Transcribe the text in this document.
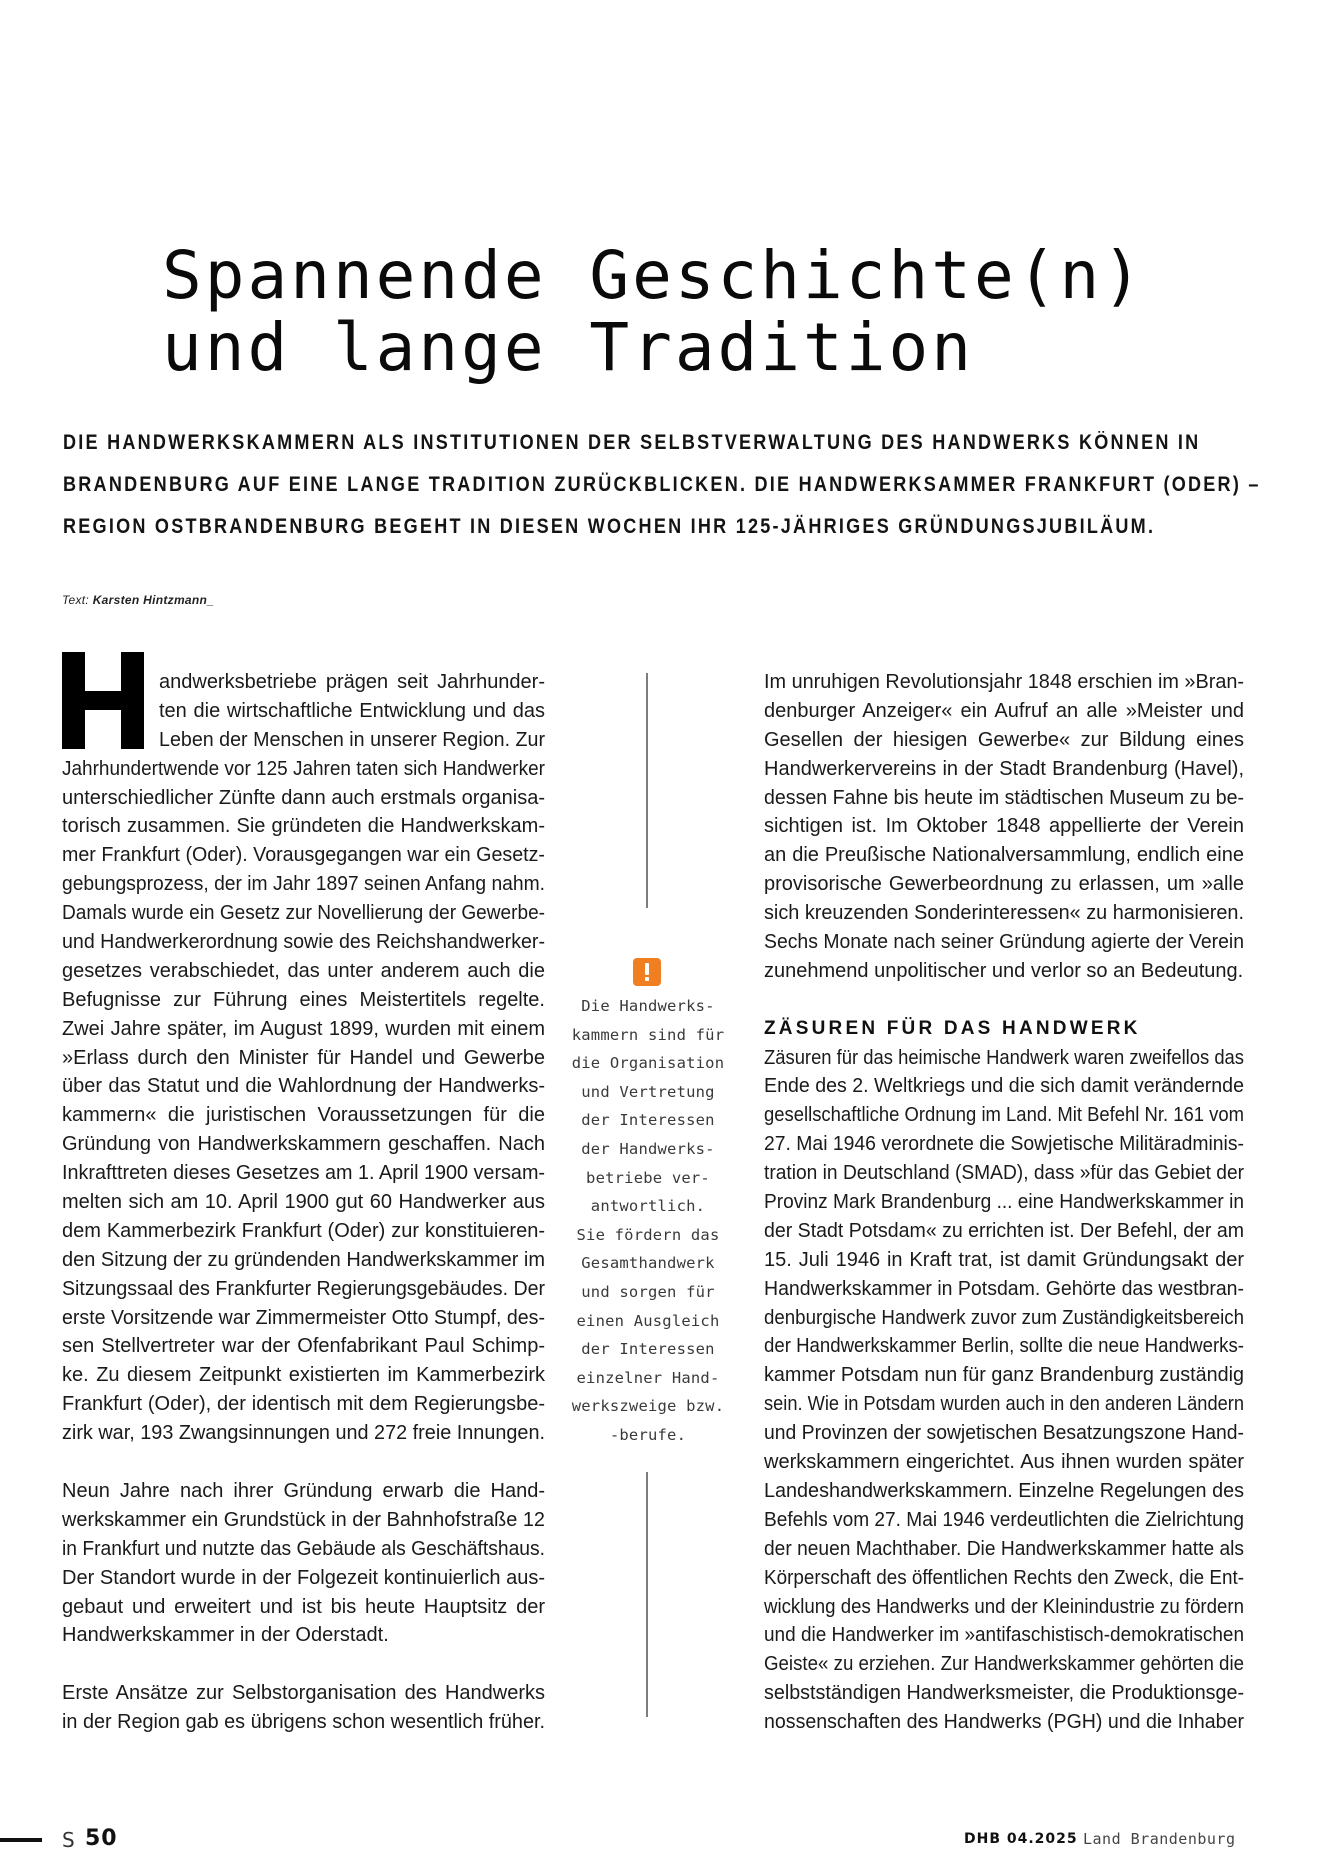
Spannende Geschichte(n)
und lange Tradition

DIE HANDWERKSKAMMERN ALS INSTITUTIONEN DER SELBSTVERWALTUNG DES HANDWERKS KÖNNEN IN
BRANDENBURG AUF EINE LANGE TRADITION ZURÜCKBLICKEN. DIE HANDWERKSAMMER FRANKFURT (ODER) –
REGION OSTBRANDENBURG BEGEHT IN DIESEN WOCHEN IHR 125-JÄHRIGES GRÜNDUNGSJUBILÄUM.

Text: Karsten Hintzmann_
andwerksbetriebe prägen seit Jahrhunder-
ten die wirtschaftliche Entwicklung und das
Leben der Menschen in unserer Region. Zur
Jahrhundertwende vor 125 Jahren taten sich Handwerker
unterschiedlicher Zünfte dann auch erstmals organisa-
torisch zusammen. Sie gründeten die Handwerkskam-
mer Frankfurt (Oder). Vorausgegangen war ein Gesetz-
gebungsprozess, der im Jahr 1897 seinen Anfang nahm.
Damals wurde ein Gesetz zur Novellierung der Gewerbe-
und Handwerkerordnung sowie des Reichshandwerker-
gesetzes verabschiedet, das unter anderem auch die
Befugnisse zur Führung eines Meistertitels regelte.
Zwei Jahre später, im August 1899, wurden mit einem
»Erlass durch den Minister für Handel und Gewerbe
über das Statut und die Wahlordnung der Handwerks-
kammern« die juristischen Voraussetzungen für die
Gründung von Handwerkskammern geschaffen. Nach
Inkrafttreten dieses Gesetzes am 1. April 1900 versam-
melten sich am 10. April 1900 gut 60 Handwerker aus
dem Kammerbezirk Frankfurt (Oder) zur konstituieren-
den Sitzung der zu gründenden Handwerkskammer im
Sitzungssaal des Frankfurter Regierungsgebäudes. Der
erste Vorsitzende war Zimmermeister Otto Stumpf, des-
sen Stellvertreter war der Ofenfabrikant Paul Schimp-
ke. Zu diesem Zeitpunkt existierten im Kammerbezirk
Frankfurt (Oder), der identisch mit dem Regierungsbe-
zirk war, 193 Zwangsinnungen und 272 freie Innungen.
Neun Jahre nach ihrer Gründung erwarb die Hand-
werkskammer ein Grundstück in der Bahnhofstraße 12
in Frankfurt und nutzte das Gebäude als Geschäftshaus.
Der Standort wurde in der Folgezeit kontinuierlich aus-
gebaut und erweitert und ist bis heute Hauptsitz der
Handwerkskammer in der Oderstadt.
Erste Ansätze zur Selbstorganisation des Handwerks
in der Region gab es übrigens schon wesentlich früher.
Die Handwerks-
kammern sind für
die Organisation
und Vertretung
der Interessen
der Handwerks-
betriebe ver-
antwortlich.
Sie fördern das
Gesamthandwerk
und sorgen für
einen Ausgleich
der Interessen
einzelner Hand-
werkszweige bzw.
-berufe.
Im unruhigen Revolutionsjahr 1848 erschien im »Bran-
denburger Anzeiger« ein Aufruf an alle »Meister und
Gesellen der hiesigen Gewerbe« zur Bildung eines
Handwerkervereins in der Stadt Brandenburg (Havel),
dessen Fahne bis heute im städtischen Museum zu be-
sichtigen ist. Im Oktober 1848 appellierte der Verein
an die Preußische Nationalversammlung, endlich eine
provisorische Gewerbeordnung zu erlassen, um »alle
sich kreuzenden Sonderinteressen« zu harmonisieren.
Sechs Monate nach seiner Gründung agierte der Verein
zunehmend unpolitischer und verlor so an Bedeutung.
ZÄSUREN FÜR DAS HANDWERK
Zäsuren für das heimische Handwerk waren zweifellos das
Ende des 2. Weltkriegs und die sich damit verändernde
gesellschaftliche Ordnung im Land. Mit Befehl Nr. 161 vom
27. Mai 1946 verordnete die Sowjetische Militäradminis-
tration in Deutschland (SMAD), dass »für das Gebiet der
Provinz Mark Brandenburg ... eine Handwerkskammer in
der Stadt Potsdam« zu errichten ist. Der Befehl, der am
15. Juli 1946 in Kraft trat, ist damit Gründungsakt der
Handwerkskammer in Potsdam. Gehörte das westbran-
denburgische Handwerk zuvor zum Zuständigkeitsbereich
der Handwerkskammer Berlin, sollte die neue Handwerks-
kammer Potsdam nun für ganz Brandenburg zuständig
sein. Wie in Potsdam wurden auch in den anderen Ländern
und Provinzen der sowjetischen Besatzungszone Hand-
werkskammern eingerichtet. Aus ihnen wurden später
Landeshandwerkskammern. Einzelne Regelungen des
Befehls vom 27. Mai 1946 verdeutlichten die Zielrichtung
der neuen Machthaber. Die Handwerkskammer hatte als
Körperschaft des öffentlichen Rechts den Zweck, die Ent-
wicklung des Handwerks und der Kleinindustrie zu fördern
und die Handwerker im »antifaschistisch-demokratischen
Geiste« zu erziehen. Zur Handwerkskammer gehörten die
selbstständigen Handwerksmeister, die Produktionsge-
nossenschaften des Handwerks (PGH) und die Inhaber
S 50	DHB 04.2025 Land Brandenburg
